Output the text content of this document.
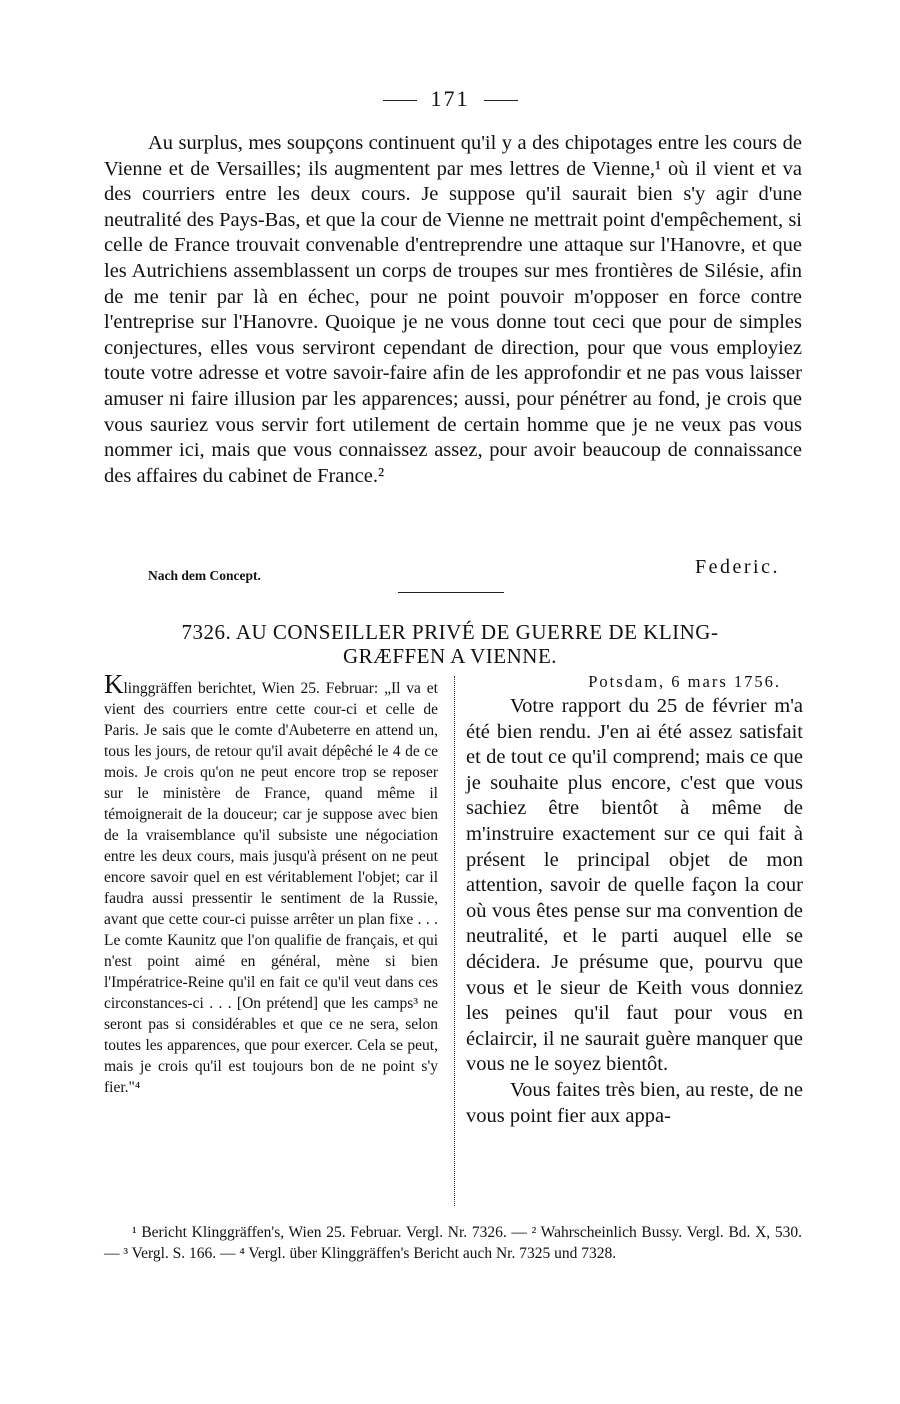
171

Au surplus, mes soupçons continuent qu'il y a des chipotages entre les cours de Vienne et de Versailles; ils augmentent par mes lettres de Vienne,¹ où il vient et va des courriers entre les deux cours. Je suppose qu'il saurait bien s'y agir d'une neutralité des Pays-Bas, et que la cour de Vienne ne mettrait point d'empêchement, si celle de France trouvait convenable d'entreprendre une attaque sur l'Hanovre, et que les Autrichiens assemblassent un corps de troupes sur mes frontières de Silésie, afin de me tenir par là en échec, pour ne point pouvoir m'opposer en force contre l'entreprise sur l'Hanovre. Quoique je ne vous donne tout ceci que pour de simples conjectures, elles vous serviront cependant de direction, pour que vous employiez toute votre adresse et votre savoir-faire afin de les approfondir et ne pas vous laisser amuser ni faire illusion par les apparences; aussi, pour pénétrer au fond, je crois que vous sauriez vous servir fort utilement de certain homme que je ne veux pas vous nommer ici, mais que vous connaissez assez, pour avoir beaucoup de connaissance des affaires du cabinet de France.²

Nach dem Concept.	Federic.
7326. AU CONSEILLER PRIVÉ DE GUERRE DE KLING-
GRÆFFEN A VIENNE.
Klinggräffen berichtet, Wien 25. Februar: „Il va et vient des courriers entre cette cour-ci et celle de Paris. Je sais que le comte d'Aubeterre en attend un, tous les jours, de retour qu'il avait dépêché le 4 de ce mois. Je crois qu'on ne peut encore trop se reposer sur le ministère de France, quand même il témoignerait de la douceur; car je suppose avec bien de la vraisemblance qu'il subsiste une négociation entre les deux cours, mais jusqu'à présent on ne peut encore savoir quel en est véritablement l'objet; car il faudra aussi pressentir le sentiment de la Russie, avant que cette cour-ci puisse arrêter un plan fixe . . . Le comte Kaunitz que l'on qualifie de français, et qui n'est point aimé en général, mène si bien l'Impératrice-Reine qu'il en fait ce qu'il veut dans ces circonstances-ci . . . [On prétend] que les camps³ ne seront pas si considérables et que ce ne sera, selon toutes les apparences, que pour exercer. Cela se peut, mais je crois qu'il est toujours bon de ne point s'y fier."⁴
Potsdam, 6 mars 1756.

Votre rapport du 25 de février m'a été bien rendu. J'en ai été assez satisfait et de tout ce qu'il comprend; mais ce que je souhaite plus encore, c'est que vous sachiez être bientôt à même de m'instruire exactement sur ce qui fait à présent le principal objet de mon attention, savoir de quelle façon la cour où vous êtes pense sur ma convention de neutralité, et le parti auquel elle se décidera. Je présume que, pourvu que vous et le sieur de Keith vous donniez les peines qu'il faut pour vous en éclaircir, il ne saurait guère manquer que vous ne le soyez bientôt.

Vous faites très bien, au reste, de ne vous point fier aux appa-

¹ Bericht Klinggräffen's, Wien 25. Februar. Vergl. Nr. 7326. — ² Wahrscheinlich Bussy. Vergl. Bd. X, 530. — ³ Vergl. S. 166. — ⁴ Vergl. über Klinggräffen's Bericht auch Nr. 7325 und 7328.
